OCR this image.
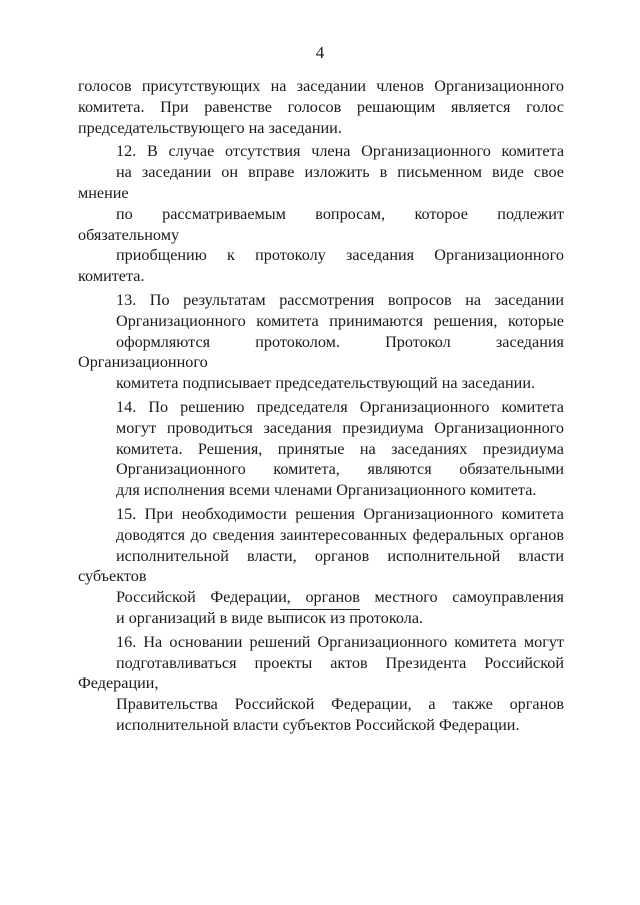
4

голосов присутствующих на заседании членов Организационного
комитета. При равенстве голосов решающим является голос
председательствующего на заседании.

12. В случае отсутствия члена Организационного комитета
на заседании он вправе изложить в письменном виде свое мнение
по рассматриваемым вопросам, которое подлежит обязательному
приобщению к протоколу заседания Организационного комитета.

13. По результатам рассмотрения вопросов на заседании
Организационного комитета принимаются решения, которые
оформляются протоколом. Протокол заседания Организационного
комитета подписывает председательствующий на заседании.

14. По решению председателя Организационного комитета
могут проводиться заседания президиума Организационного
комитета. Решения, принятые на заседаниях президиума
Организационного комитета, являются обязательными
для исполнения всеми членами Организационного комитета.

15. При необходимости решения Организационного комитета
доводятся до сведения заинтересованных федеральных органов
исполнительной власти, органов исполнительной власти субъектов
Российской Федерации, органов местного самоуправления
и организаций в виде выписок из протокола.

16. На основании решений Организационного комитета могут
подготавливаться проекты актов Президента Российской Федерации,
Правительства Российской Федерации, а также органов
исполнительной власти субъектов Российской Федерации.
